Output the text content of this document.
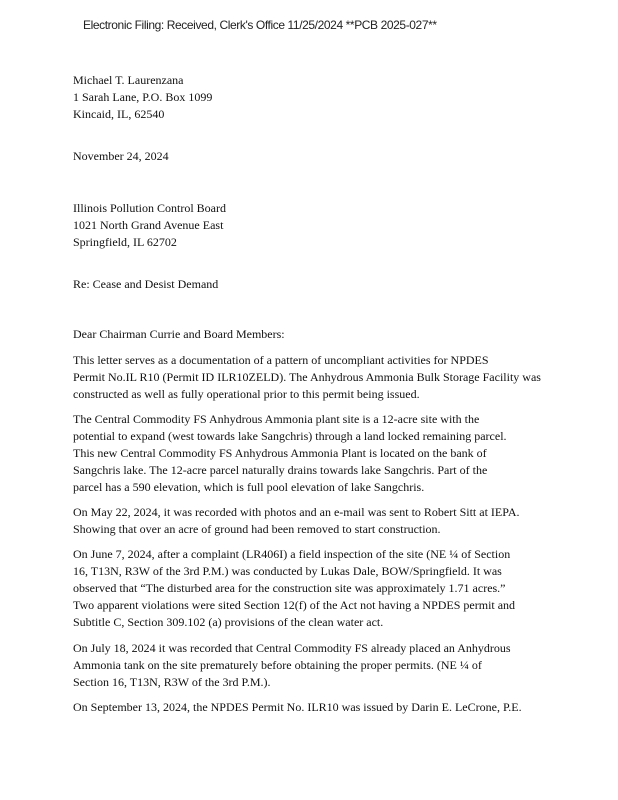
Electronic Filing: Received, Clerk's Office 11/25/2024 **PCB 2025-027**
Michael T. Laurenzana
1 Sarah Lane, P.O. Box 1099
Kincaid, IL, 62540
November 24, 2024
Illinois Pollution Control Board
1021 North Grand Avenue East
Springfield, IL 62702
Re: Cease and Desist Demand
Dear Chairman Currie and Board Members:
This letter serves as a documentation of a pattern of uncompliant activities for NPDES
Permit No.IL R10 (Permit ID ILR10ZELD). The Anhydrous Ammonia Bulk Storage Facility was
constructed as well as fully operational prior to this permit being issued.
The Central Commodity FS Anhydrous Ammonia plant site is a 12-acre site with the
potential to expand (west towards lake Sangchris) through a land locked remaining parcel.
This new Central Commodity FS Anhydrous Ammonia Plant is located on the bank of
Sangchris lake. The 12-acre parcel naturally drains towards lake Sangchris. Part of the
parcel has a 590 elevation, which is full pool elevation of lake Sangchris.
On May 22, 2024, it was recorded with photos and an e-mail was sent to Robert Sitt at IEPA.
Showing that over an acre of ground had been removed to start construction.
On June 7, 2024, after a complaint (LR406I) a field inspection of the site (NE ¼ of Section
16, T13N, R3W of the 3rd P.M.) was conducted by Lukas Dale, BOW/Springfield. It was
observed that “The disturbed area for the construction site was approximately 1.71 acres.”
Two apparent violations were sited Section 12(f) of the Act not having a NPDES permit and
Subtitle C, Section 309.102 (a) provisions of the clean water act.
On July 18, 2024 it was recorded that Central Commodity FS already placed an Anhydrous
Ammonia tank on the site prematurely before obtaining the proper permits. (NE ¼ of
Section 16, T13N, R3W of the 3rd P.M.).
On September 13, 2024, the NPDES Permit No. ILR10 was issued by Darin E. LeCrone, P.E.
